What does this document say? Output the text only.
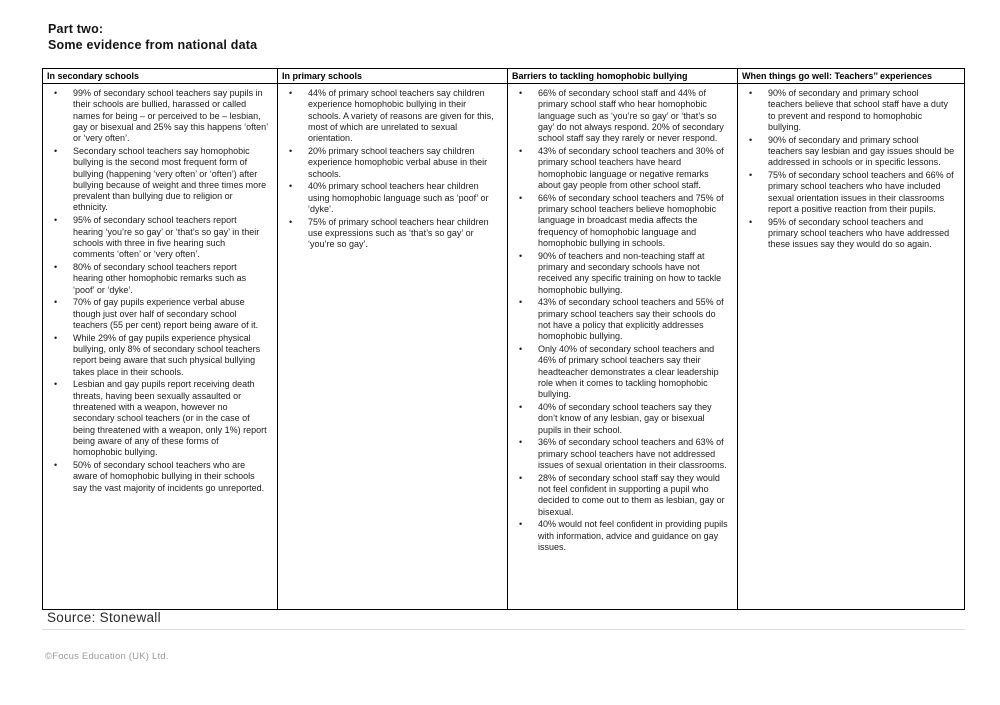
Part two:
Some evidence from national data
In secondary schools
• 99% of secondary school teachers say pupils in their schools are bullied, harassed or called names for being – or perceived to be – lesbian, gay or bisexual and 25% say this happens ‘often’ or ‘very often’.
• Secondary school teachers say homophobic bullying is the second most frequent form of bullying (happening ‘very often’ or ‘often’) after bullying because of weight and three times more prevalent than bullying due to religion or ethnicity.
• 95% of secondary school teachers report hearing ‘you’re so gay’ or ‘that’s so gay’ in their schools with three in five hearing such comments ‘often’ or ‘very often’.
• 80% of secondary school teachers report hearing other homophobic remarks such as ‘poof’ or ‘dyke’.
• 70% of gay pupils experience verbal abuse though just over half of secondary school teachers (55 per cent) report being aware of it.
• While 29% of gay pupils experience physical bullying, only 8% of secondary school teachers report being aware that such physical bullying takes place in their schools.
• Lesbian and gay pupils report receiving death threats, having been sexually assaulted or threatened with a weapon, however no secondary school teachers (or in the case of being threatened with a weapon, only 1%) report being aware of any of these forms of homophobic bullying.
• 50% of secondary school teachers who are aware of homophobic bullying in their schools say the vast majority of incidents go unreported.
In primary schools
• 44% of primary school teachers say children experience homophobic bullying in their schools. A variety of reasons are given for this, most of which are unrelated to sexual orientation.
• 20% primary school teachers say children experience homophobic verbal abuse in their schools.
• 40% primary school teachers hear children using homophobic language such as ‘poof’ or ‘dyke’.
• 75% of primary school teachers hear children use expressions such as ‘that’s so gay’ or ‘you’re so gay’.
Barriers to tackling homophobic bullying
• 66% of secondary school staff and 44% of primary school staff who hear homophobic language such as ‘you’re so gay’ or ‘that’s so gay’ do not always respond. 20% of secondary school staff say they rarely or never respond.
• 43% of secondary school teachers and 30% of primary school teachers have heard homophobic language or negative remarks about gay people from other school staff.
• 66% of secondary school teachers and 75% of primary school teachers believe homophobic language in broadcast media affects the frequency of homophobic language and homophobic bullying in schools.
• 90% of teachers and non-teaching staff at primary and secondary schools have not received any specific training on how to tackle homophobic bullying.
• 43% of secondary school teachers and 55% of primary school teachers say their schools do not have a policy that explicitly addresses homophobic bullying.
• Only 40% of secondary school teachers and 46% of primary school teachers say their headteacher demonstrates a clear leadership role when it comes to tackling homophobic bullying.
• 40% of secondary school teachers say they don’t know of any lesbian, gay or bisexual pupils in their school.
• 36% of secondary school teachers and 63% of primary school teachers have not addressed issues of sexual orientation in their classrooms.
• 28% of secondary school staff say they would not feel confident in supporting a pupil who decided to come out to them as lesbian, gay or bisexual.
• 40% would not feel confident in providing pupils with information, advice and guidance on gay issues.
When things go well: Teachers’’ experiences
• 90% of secondary and primary school teachers believe that school staff have a duty to prevent and respond to homophobic bullying.
• 90% of secondary and primary school teachers say lesbian and gay issues should be addressed in schools or in specific lessons.
• 75% of secondary school teachers and 66% of primary school teachers who have included sexual orientation issues in their classrooms report a positive reaction from their pupils.
• 95% of secondary school teachers and primary school teachers who have addressed these issues say they would do so again.
Source: Stonewall
©Focus Education (UK) Ltd.
